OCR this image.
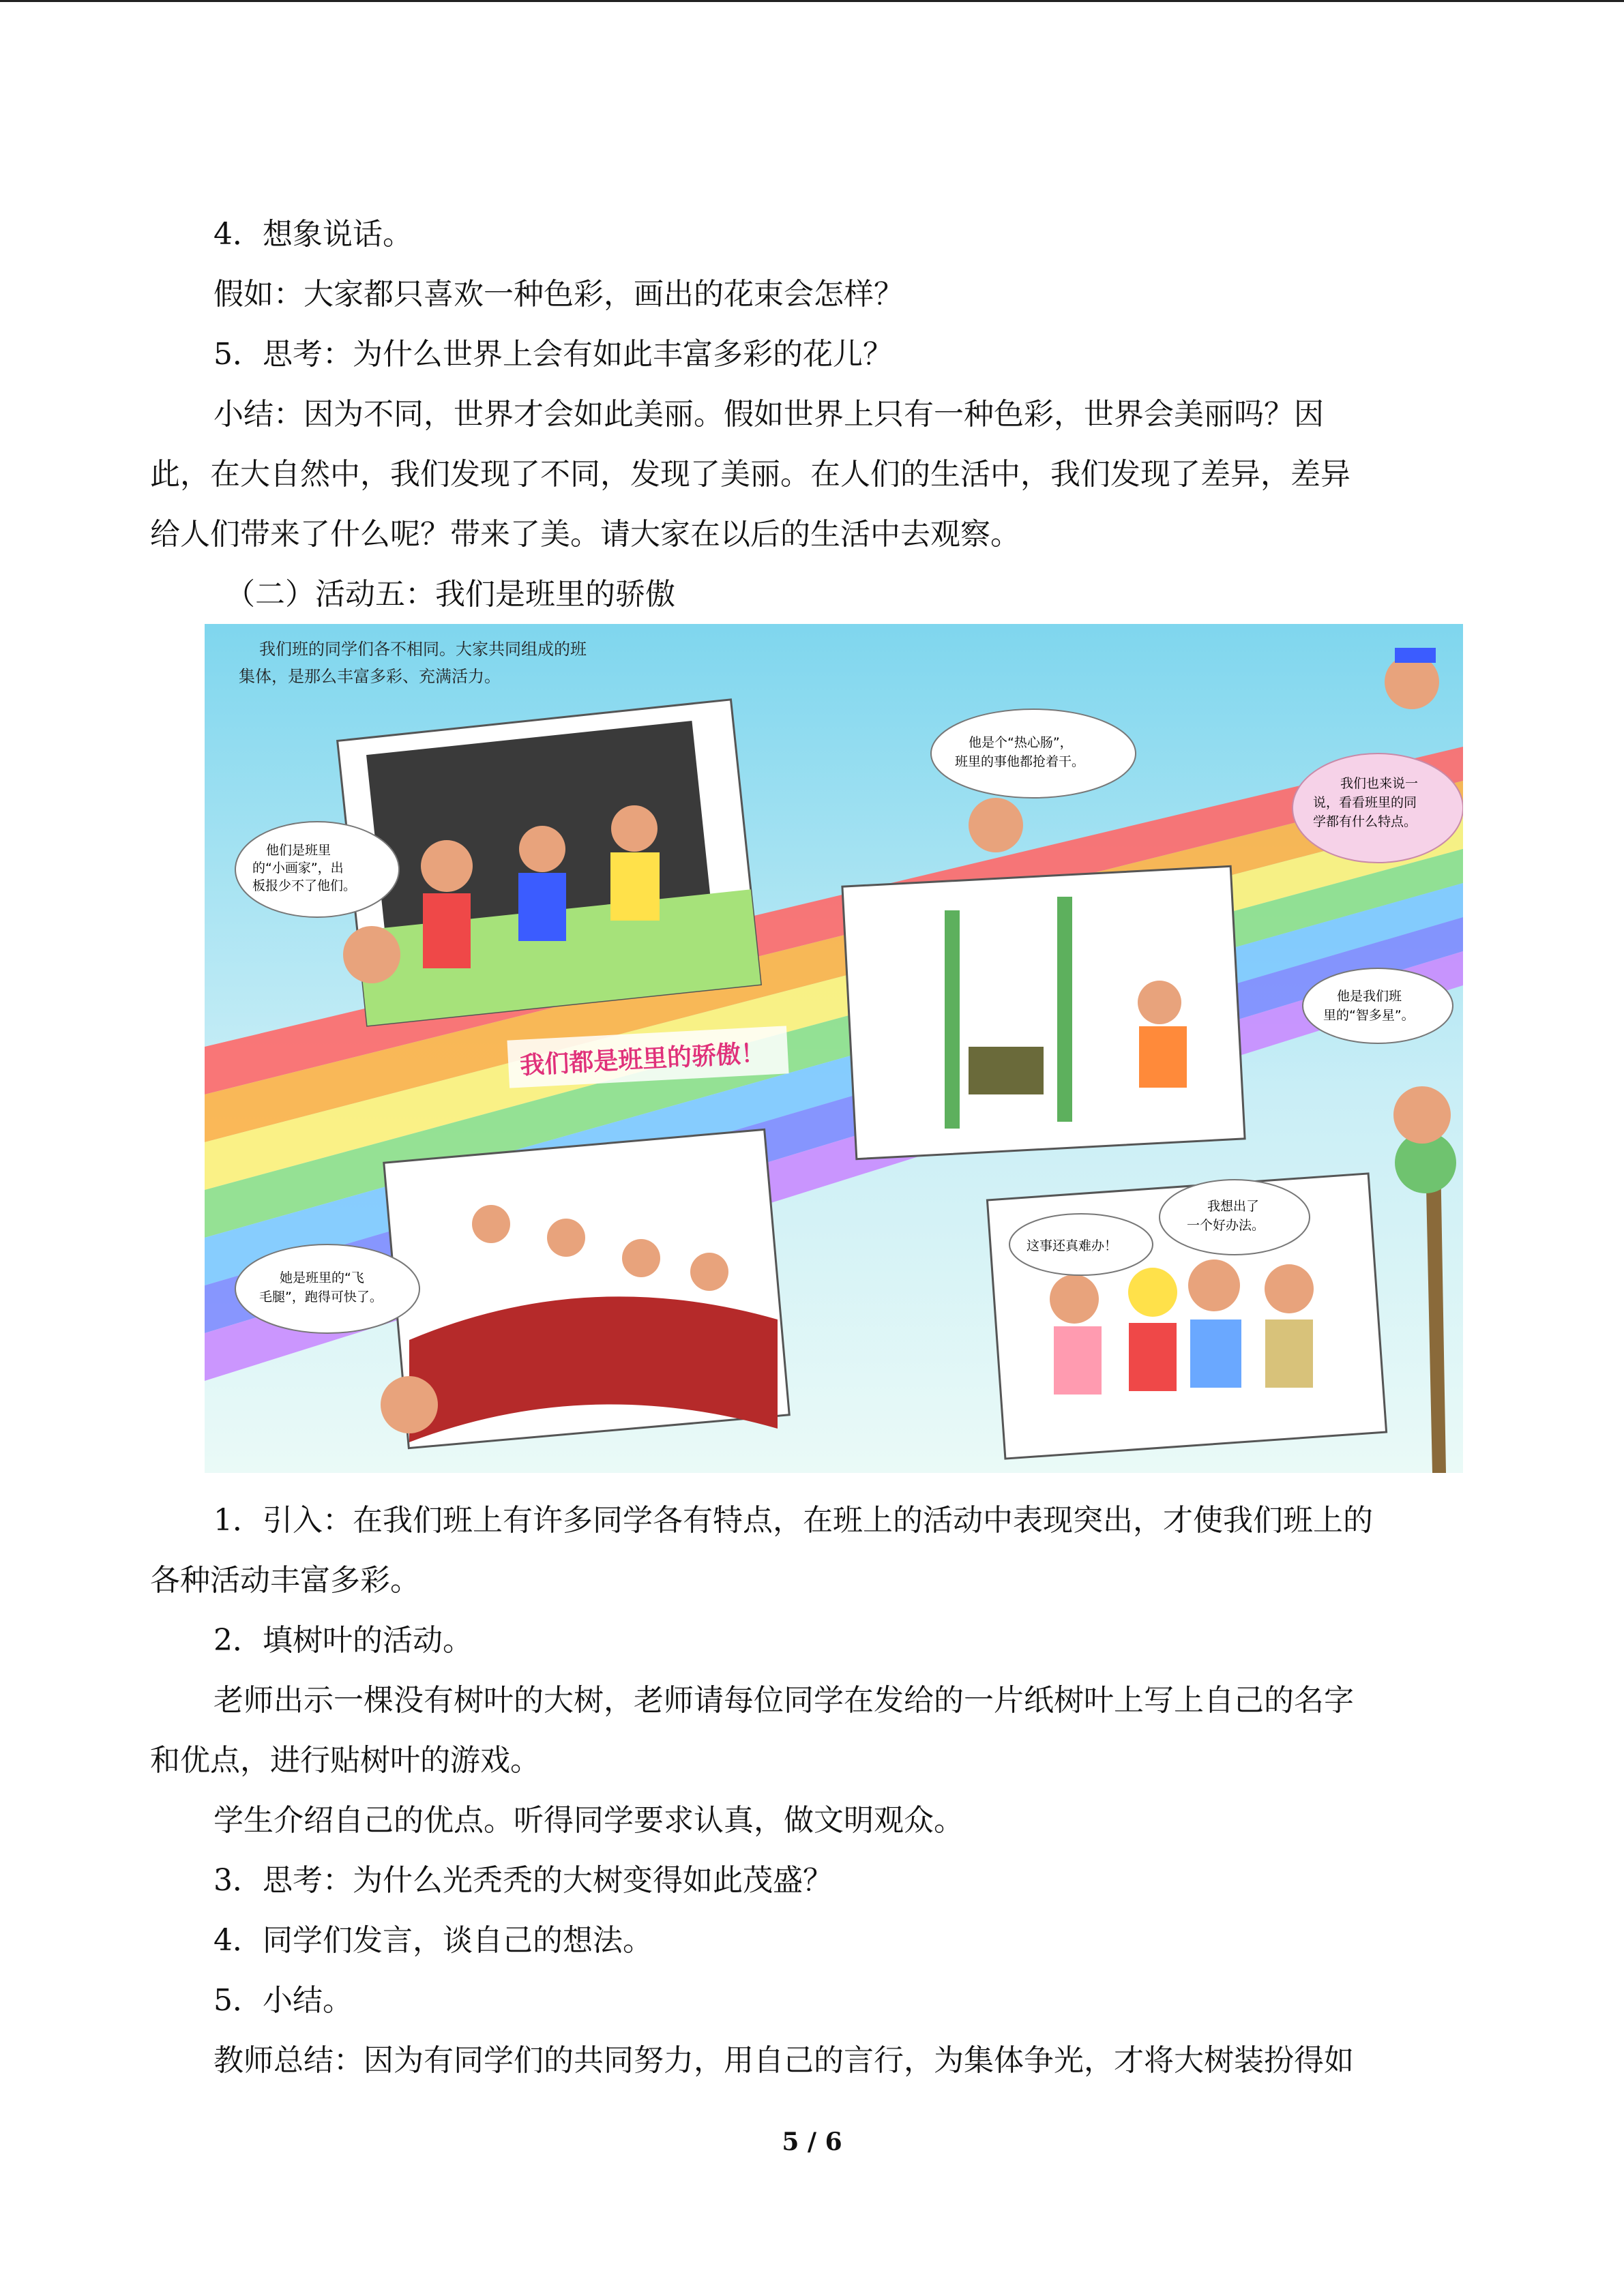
4．想象说话。
假如：大家都只喜欢一种色彩，画出的花束会怎样？
5．思考：为什么世界上会有如此丰富多彩的花儿？
小结：因为不同，世界才会如此美丽。假如世界上只有一种色彩，世界会美丽吗？因
此，在大自然中，我们发现了不同，发现了美丽。在人们的生活中，我们发现了差异，差异
给人们带来了什么呢？带来了美。请大家在以后的生活中去观察。
（二）活动五：我们是班里的骄傲
我们班的同学们各不相同。大家共同组成的班
集体，是那么丰富多彩、充满活力。
他们是班里
的“小画家”，出
板报少不了他们。
他是个“热心肠”，
班里的事他都抢着干。
我们也来说一
说，看看班里的同
学都有什么特点。
他是我们班
里的“智多星”。
她是班里的“飞
毛腿”，跑得可快了。
这事还真难办！
我想出了
一个好办法。
我们都是班里的骄傲！
1．引入：在我们班上有许多同学各有特点，在班上的活动中表现突出，才使我们班上的
各种活动丰富多彩。
2．填树叶的活动。
老师出示一棵没有树叶的大树，老师请每位同学在发给的一片纸树叶上写上自己的名字
和优点，进行贴树叶的游戏。
学生介绍自己的优点。听得同学要求认真，做文明观众。
3．思考：为什么光秃秃的大树变得如此茂盛？
4．同学们发言，谈自己的想法。
5．小结。
教师总结：因为有同学们的共同努力，用自己的言行，为集体争光，才将大树装扮得如
5 / 6
